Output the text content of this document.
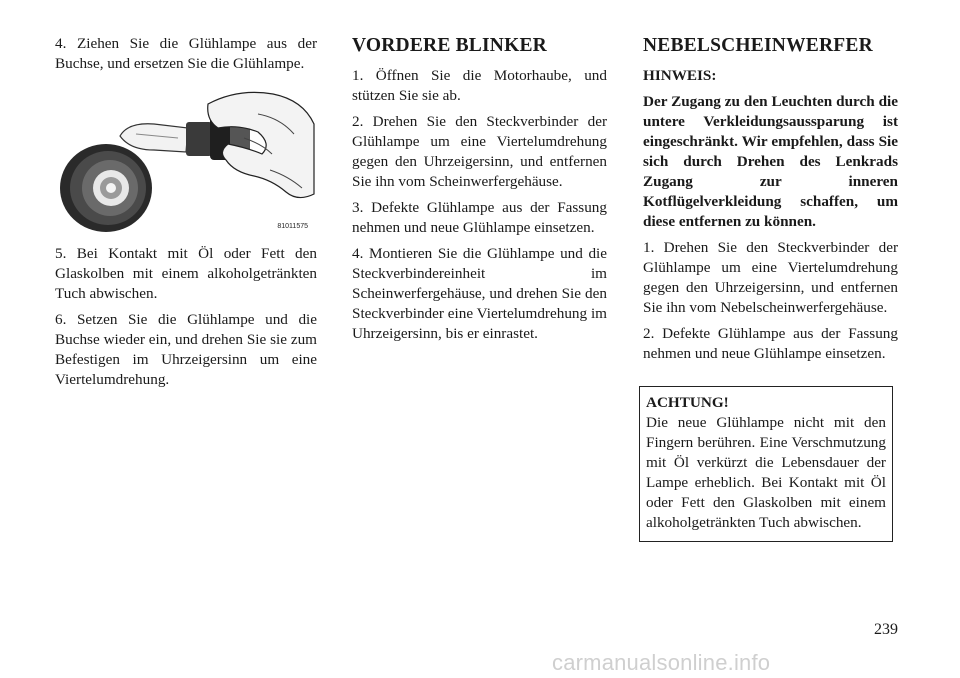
4. Ziehen Sie die Glühlampe aus der Buchse, und ersetzen Sie die Glühlampe.

81011575

5. Bei Kontakt mit Öl oder Fett den Glaskolben mit einem alkoholgetränkten Tuch abwischen.

6. Setzen Sie die Glühlampe und die Buchse wieder ein, und drehen Sie sie zum Befestigen im Uhrzeigersinn um eine Viertelumdrehung.

VORDERE BLINKER

1. Öffnen Sie die Motorhaube, und stützen Sie sie ab.

2. Drehen Sie den Steckverbinder der Glühlampe um eine Viertelumdrehung gegen den Uhrzeigersinn, und entfernen Sie ihn vom Scheinwerfergehäuse.

3. Defekte Glühlampe aus der Fassung nehmen und neue Glühlampe einsetzen.

4. Montieren Sie die Glühlampe und die Steckverbindereinheit im Scheinwerfergehäuse, und drehen Sie den Steckverbinder eine Viertelumdrehung im Uhrzeigersinn, bis er einrastet.

NEBELSCHEINWERFER

HINWEIS:

Der Zugang zu den Leuchten durch die untere Verkleidungsaussparung ist eingeschränkt. Wir empfehlen, dass Sie sich durch Drehen des Lenkrads Zugang zur inneren Kotflügelverkleidung schaffen, um diese entfernen zu können.

1. Drehen Sie den Steckverbinder der Glühlampe um eine Viertelumdrehung gegen den Uhrzeigersinn, und entfernen Sie ihn vom Nebelscheinwerfergehäuse.

2. Defekte Glühlampe aus der Fassung nehmen und neue Glühlampe einsetzen.

ACHTUNG!

Die neue Glühlampe nicht mit den Fingern berühren. Eine Verschmutzung mit Öl verkürzt die Lebensdauer der Lampe erheblich. Bei Kontakt mit Öl oder Fett den Glaskolben mit einem alkoholgetränkten Tuch abwischen.

239
carmanualsonline.info
